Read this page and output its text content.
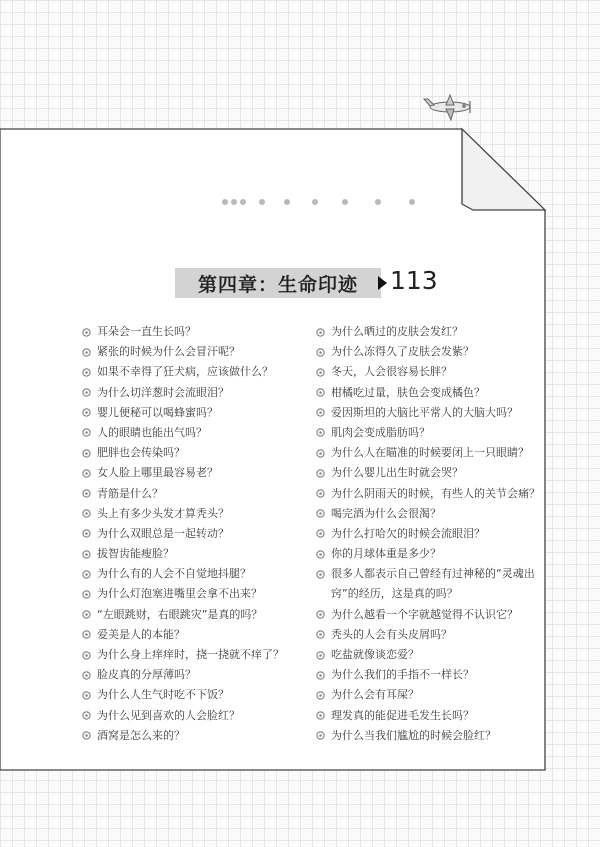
第四章：生命印迹 113
耳朵会一直生长吗？
紧张的时候为什么会冒汗呢？
如果不幸得了狂犬病，应该做什么？
为什么切洋葱时会流眼泪？
婴儿便秘可以喝蜂蜜吗？
人的眼睛也能出气吗？
肥胖也会传染吗？
女人脸上哪里最容易老？
青筋是什么？
头上有多少头发才算秃头？
为什么双眼总是一起转动？
拔智齿能瘦脸？
为什么有的人会不自觉地抖腿？
为什么灯泡塞进嘴里会拿不出来？
“左眼跳财，右眼跳灾”是真的吗？
爱美是人的本能？
为什么身上痒痒时，挠一挠就不痒了？
脸皮真的分厚薄吗？
为什么人生气时吃不下饭？
为什么见到喜欢的人会脸红？
酒窝是怎么来的？
为什么晒过的皮肤会发红？
为什么冻得久了皮肤会发紫？
冬天，人会很容易长胖？
柑橘吃过量，肤色会变成橘色？
爱因斯坦的大脑比平常人的大脑大吗？
肌肉会变成脂肪吗？
为什么人在瞄准的时候要闭上一只眼睛？
为什么婴儿出生时就会哭？
为什么阴雨天的时候，有些人的关节会痛？
喝完酒为什么会很渴？
为什么打哈欠的时候会流眼泪？
你的月球体重是多少？
很多人都表示自己曾经有过神秘的“灵魂出窍”的经历，这是真的吗？
为什么越看一个字就越觉得不认识它？
秃头的人会有头皮屑吗？
吃盐就像谈恋爱？
为什么我们的手指不一样长？
为什么会有耳屎？
理发真的能促进毛发生长吗？
为什么当我们尴尬的时候会脸红？
